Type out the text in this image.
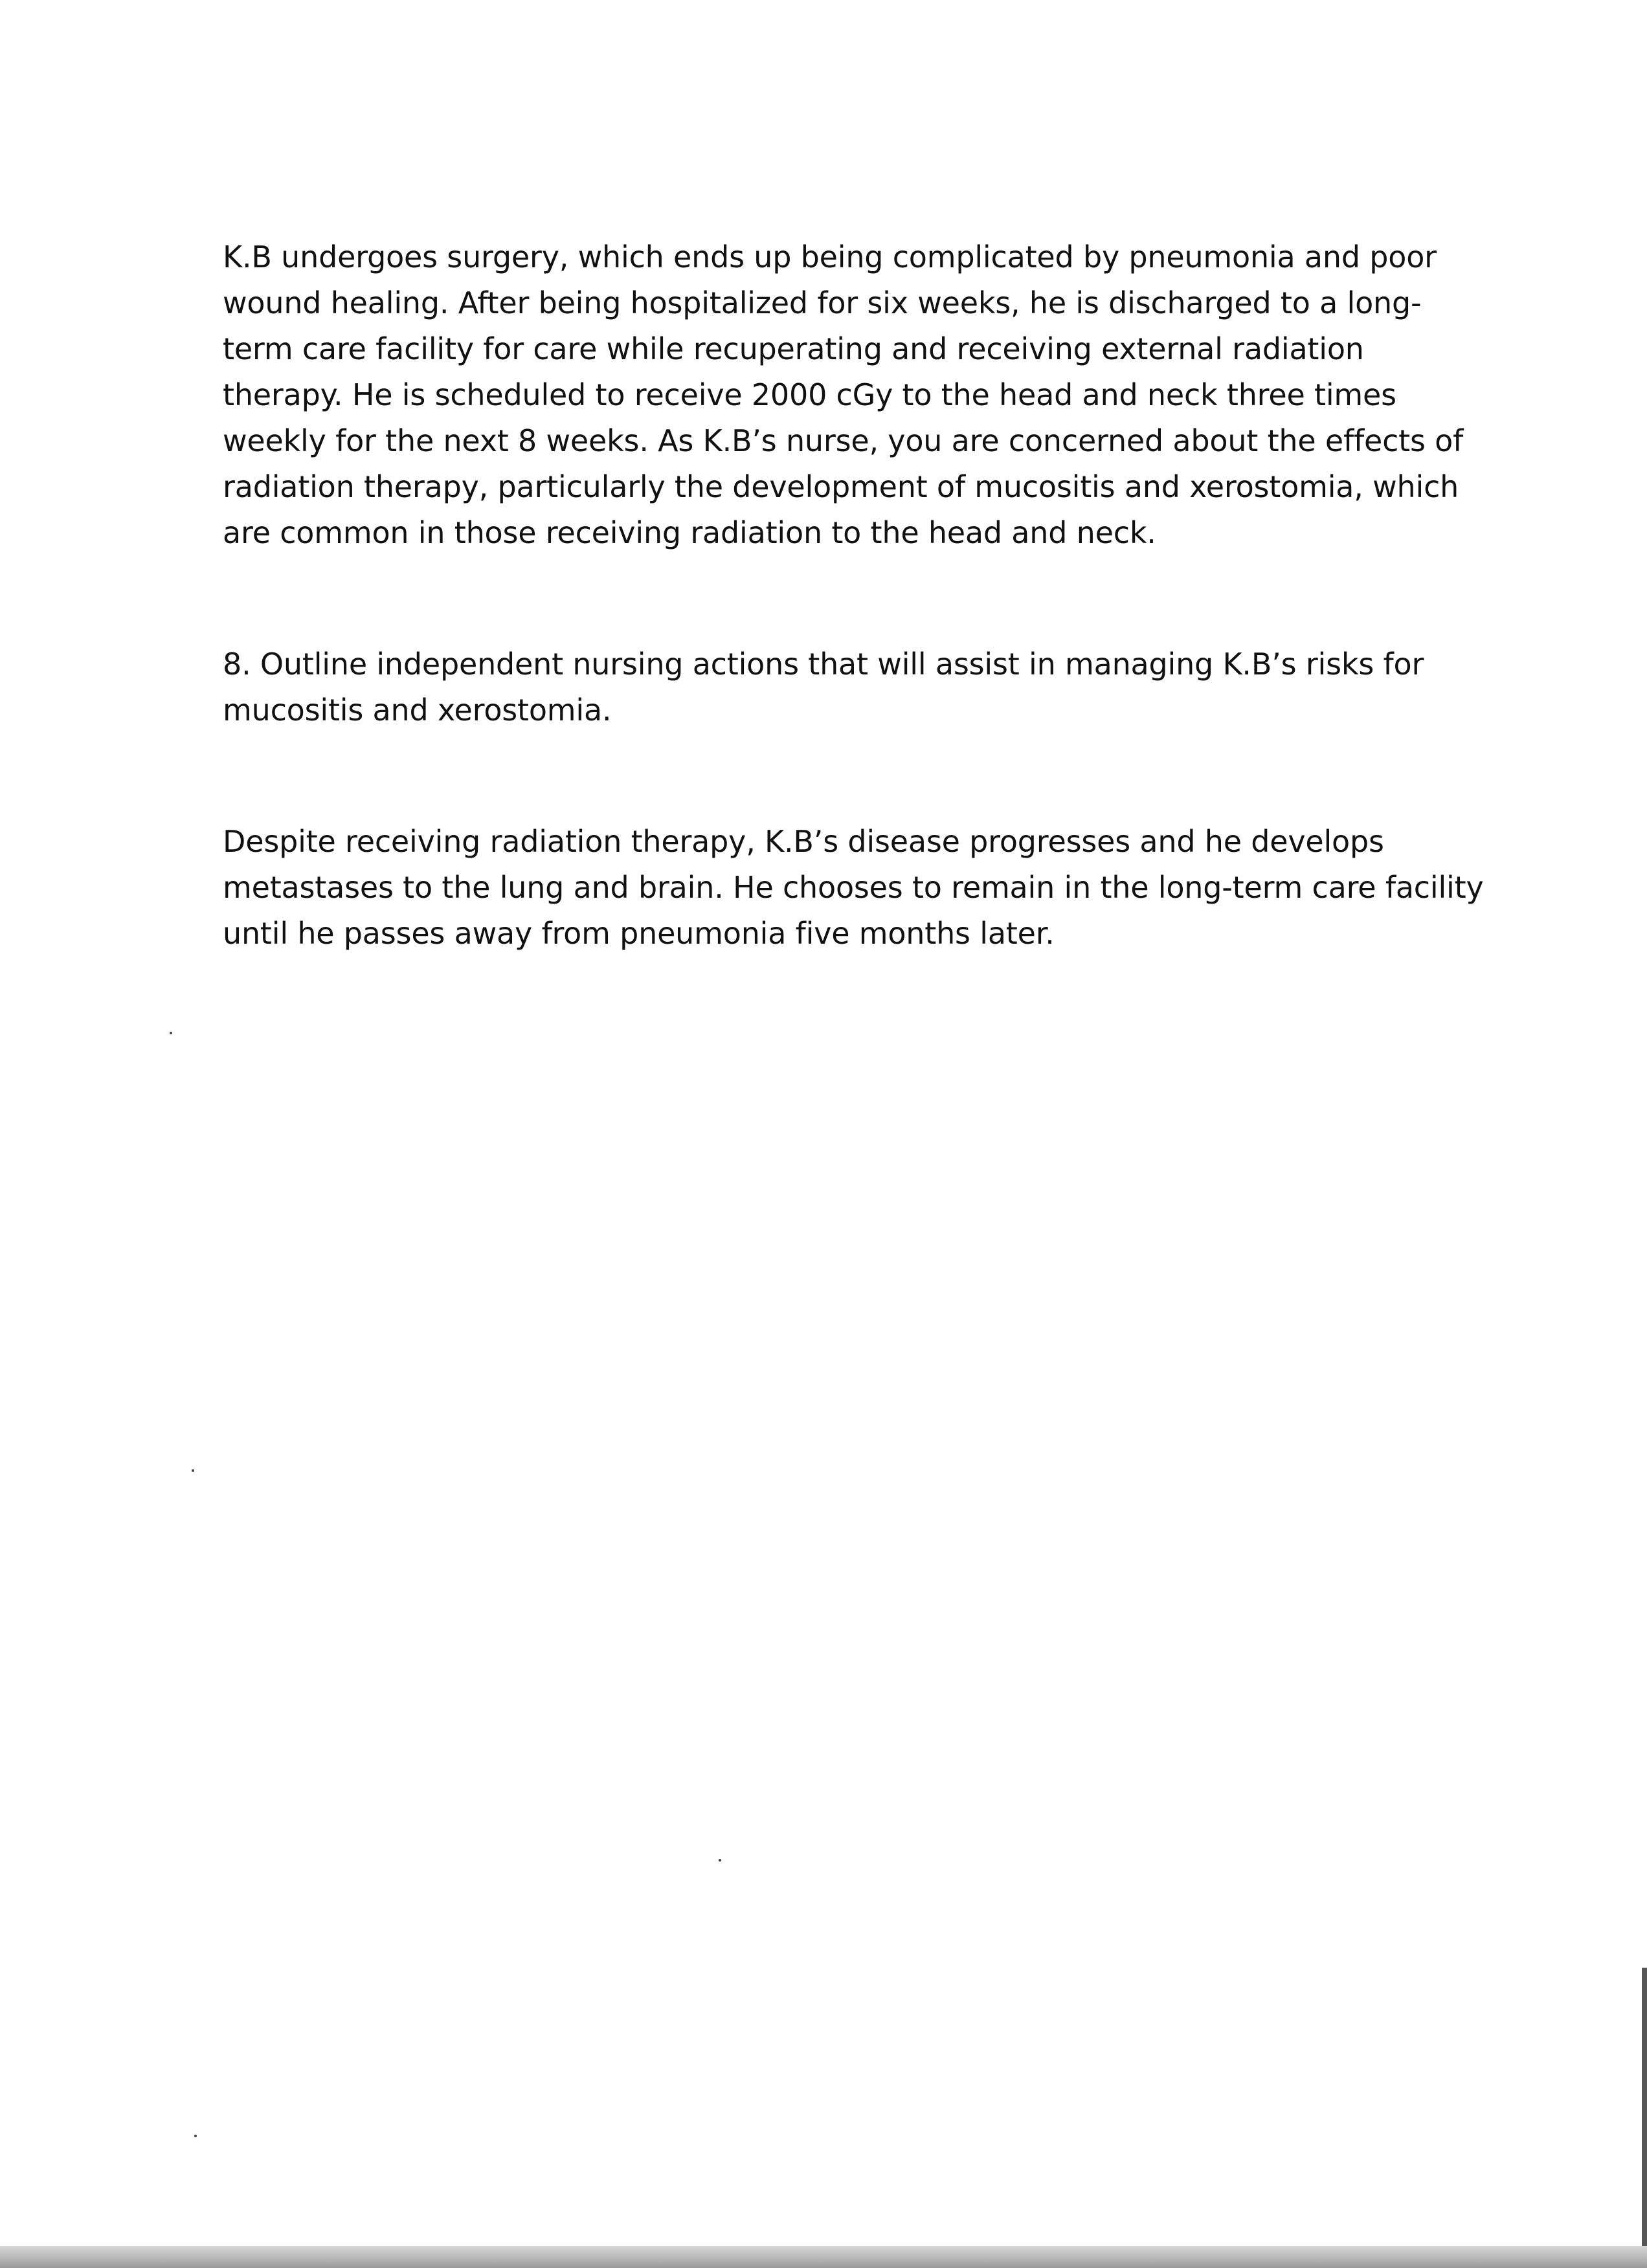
K.B undergoes surgery, which ends up being complicated by pneumonia and poor wound healing. After being hospitalized for six weeks, he is discharged to a long-term care facility for care while recuperating and receiving external radiation therapy. He is scheduled to receive 2000 cGy to the head and neck three times weekly for the next 8 weeks. As K.B’s nurse, you are concerned about the effects of radiation therapy, particularly the development of mucositis and xerostomia, which are common in those receiving radiation to the head and neck.

8. Outline independent nursing actions that will assist in managing K.B’s risks for mucositis and xerostomia.

Despite receiving radiation therapy, K.B’s disease progresses and he develops metastases to the lung and brain. He chooses to remain in the long-term care facility until he passes away from pneumonia five months later.
